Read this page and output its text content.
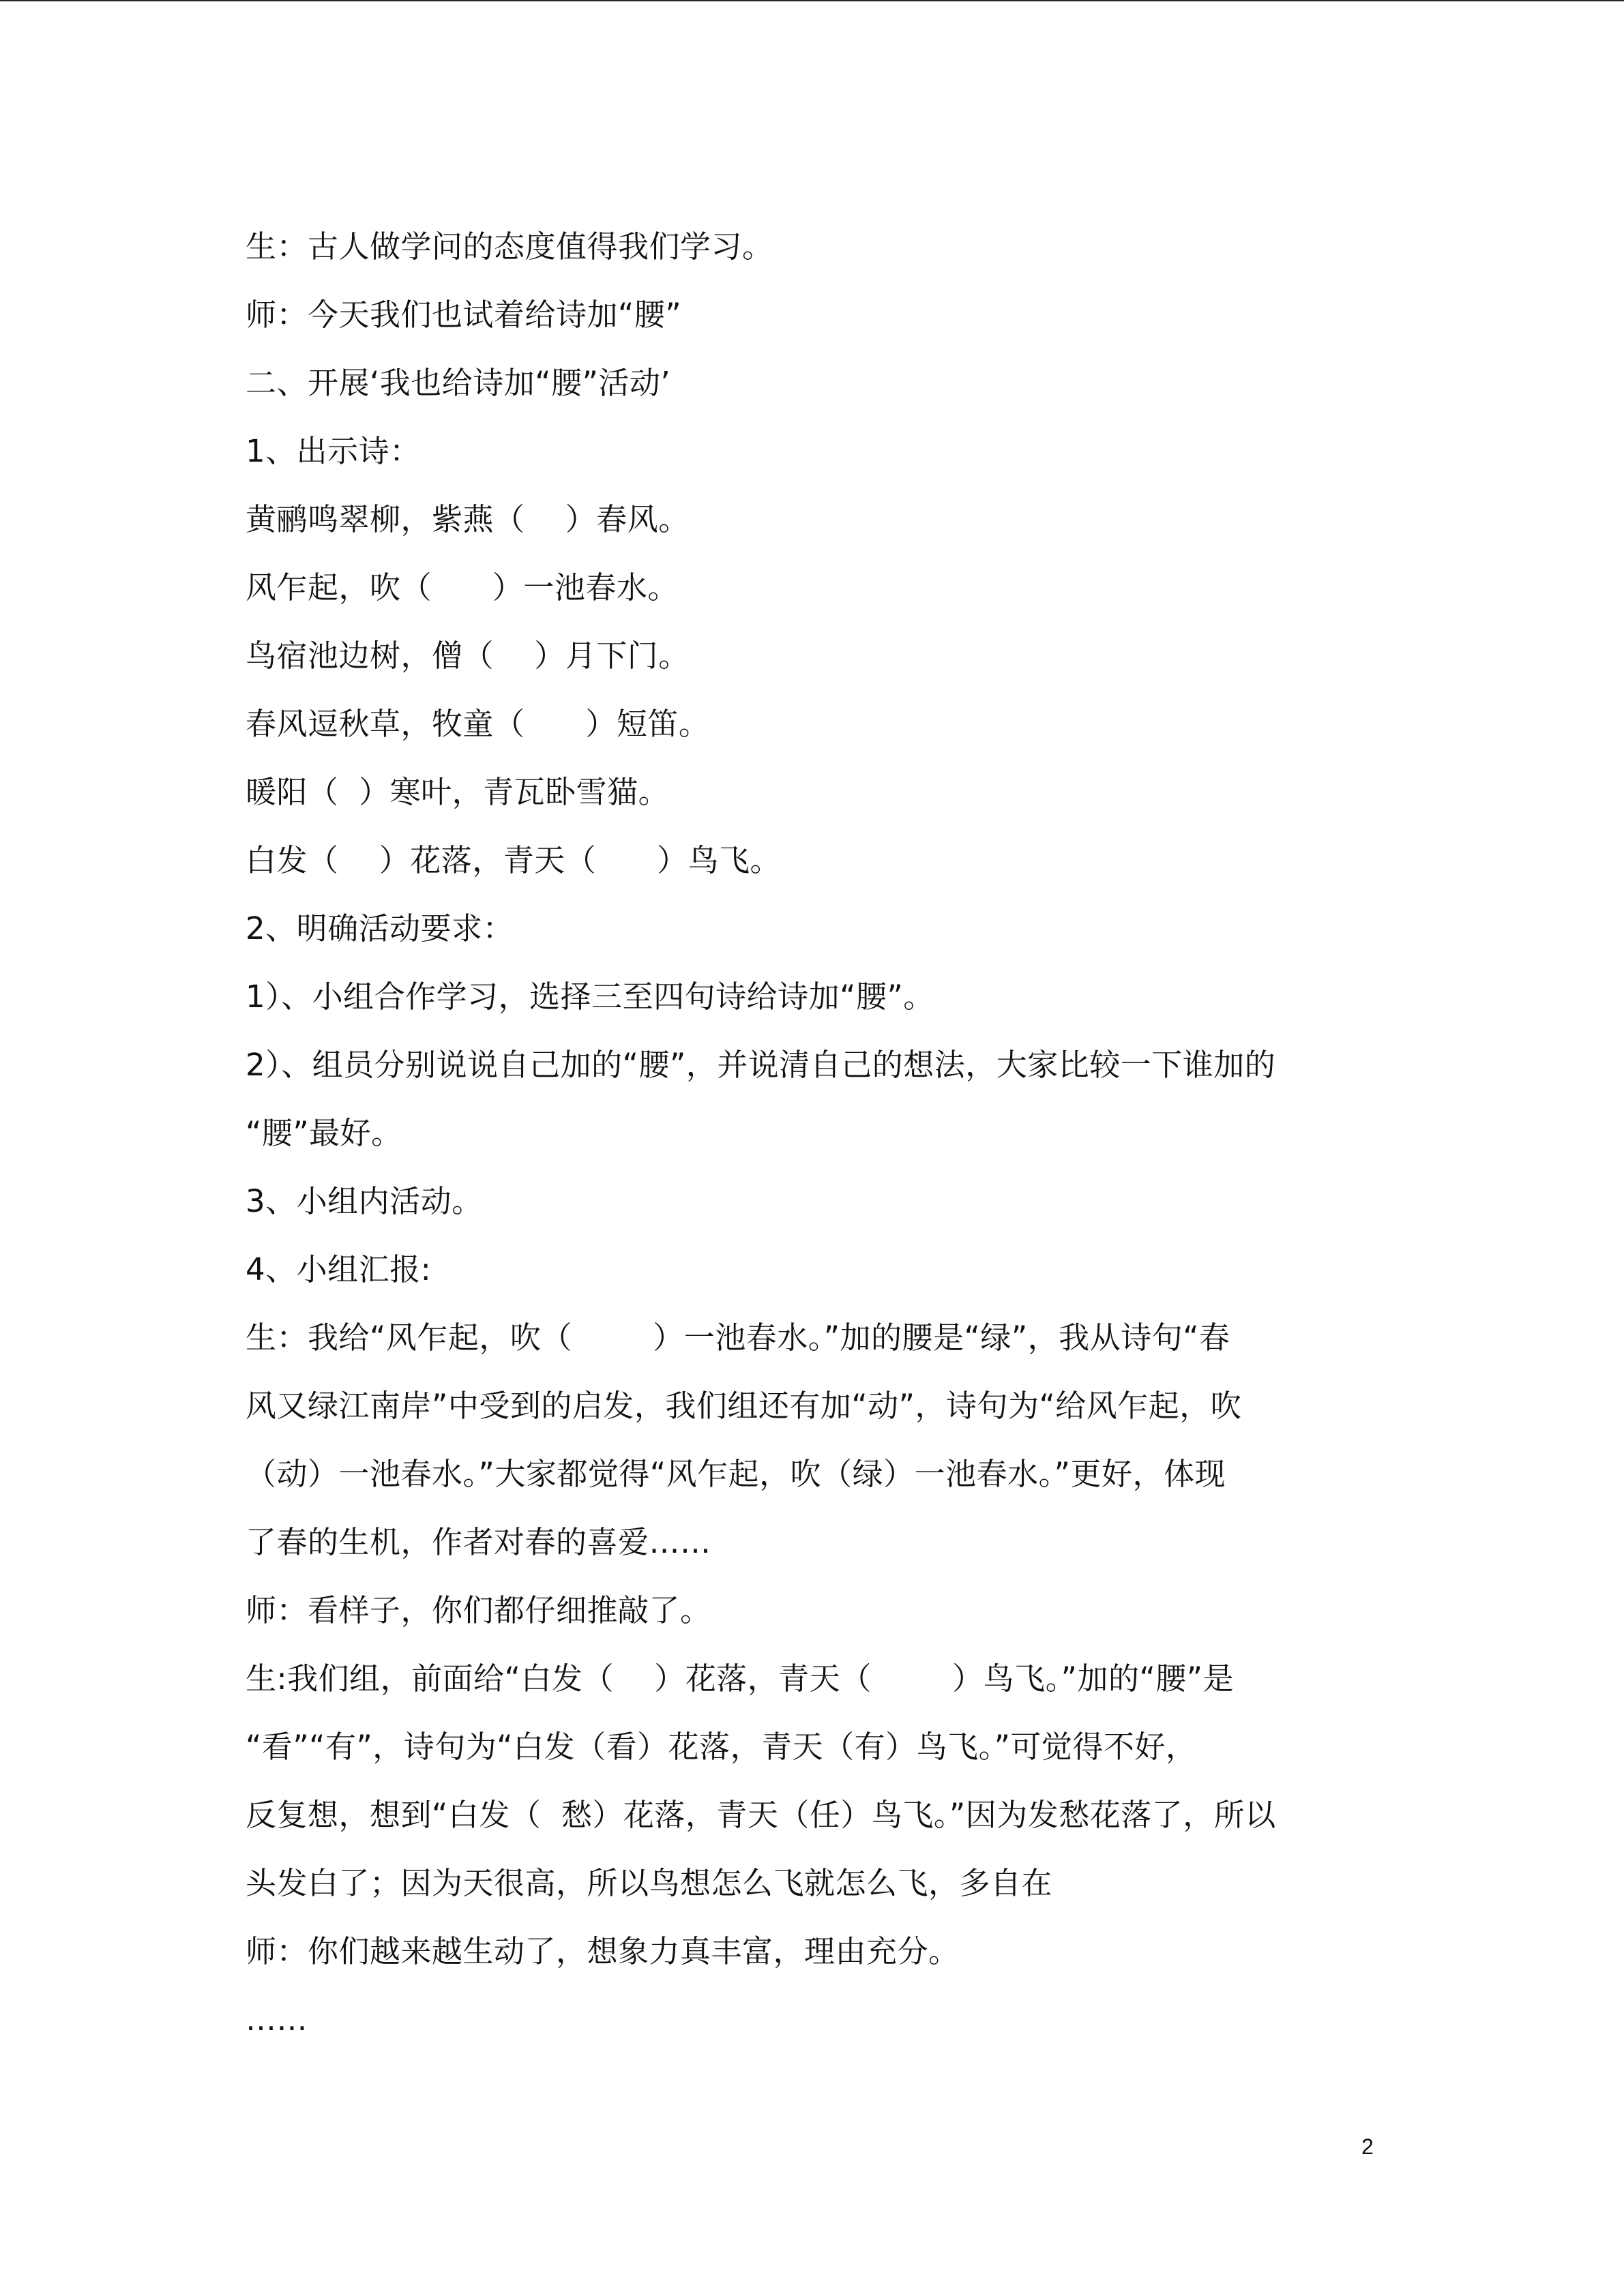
生：古人做学问的态度值得我们学习。
师：今天我们也试着给诗加“腰”
二、开展‘我也给诗加“腰”活动’
1、出示诗：
黄鹂鸣翠柳，紫燕（    ）春风。
风乍起，吹（      ）一池春水。
鸟宿池边树，僧（    ）月下门。
春风逗秋草，牧童（      ）短笛。
暖阳（  ）寒叶，青瓦卧雪猫。
白发（    ）花落，青天（      ）鸟飞。
2、明确活动要求：
1）、小组合作学习，选择三至四句诗给诗加“腰”。
2）、组员分别说说自己加的“腰”，并说清自己的想法，大家比较一下谁加的
“腰”最好。
3、小组内活动。
4、小组汇报:
生：我给“风乍起，吹（        ）一池春水。”加的腰是“绿”，我从诗句“春
风又绿江南岸”中受到的启发，我们组还有加“动”，诗句为“给风乍起，吹
（动）一池春水。”大家都觉得“风乍起，吹（绿）一池春水。”更好，体现
了春的生机，作者对春的喜爱……
师：看样子，你们都仔细推敲了。
生:我们组，前面给“白发（    ）花落，青天（        ）鸟飞。”加的“腰”是
“看”“有”，诗句为“白发（看）花落，青天（有）鸟飞。”可觉得不好，
反复想，想到“白发（  愁）花落，青天（任）鸟飞。”因为发愁花落了，所以
头发白了；因为天很高，所以鸟想怎么飞就怎么飞，多自在
师：你们越来越生动了，想象力真丰富，理由充分。
……
2
